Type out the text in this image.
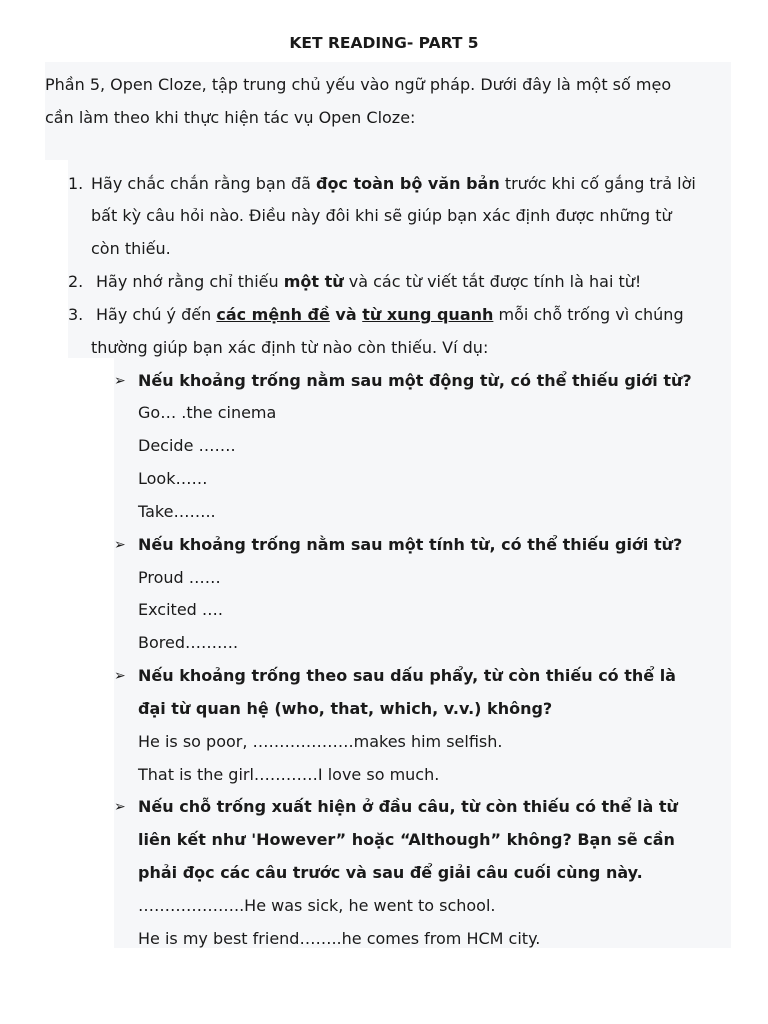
KET READING- PART 5
Phần 5, Open Cloze, tập trung chủ yếu vào ngữ pháp. Dưới đây là một số mẹo
cần làm theo khi thực hiện tác vụ Open Cloze:
1. Hãy chắc chắn rằng bạn đã đọc toàn bộ văn bản trước khi cố gắng trả lời
bất kỳ câu hỏi nào. Điều này đôi khi sẽ giúp bạn xác định được những từ
còn thiếu.
2. Hãy nhớ rằng chỉ thiếu một từ và các từ viết tắt được tính là hai từ!
3. Hãy chú ý đến các mệnh đề và từ xung quanh mỗi chỗ trống vì chúng
thường giúp bạn xác định từ nào còn thiếu. Ví dụ:
➢ Nếu khoảng trống nằm sau một động từ, có thể thiếu giới từ?
Go… .the cinema
Decide …….
Look……
Take……..
➢ Nếu khoảng trống nằm sau một tính từ, có thể thiếu giới từ?
Proud ……
Excited ….
Bored……….
➢ Nếu khoảng trống theo sau dấu phẩy, từ còn thiếu có thể là
đại từ quan hệ (who, that, which, v.v.) không?
He is so poor, ……………….makes him selfish.
That is the girl…………I love so much.
➢ Nếu chỗ trống xuất hiện ở đầu câu, từ còn thiếu có thể là từ
liên kết như 'However” hoặc “Although” không? Bạn sẽ cần
phải đọc các câu trước và sau để giải câu cuối cùng này.
………………..He was sick, he went to school.
He is my best friend……..he comes from HCM city.
